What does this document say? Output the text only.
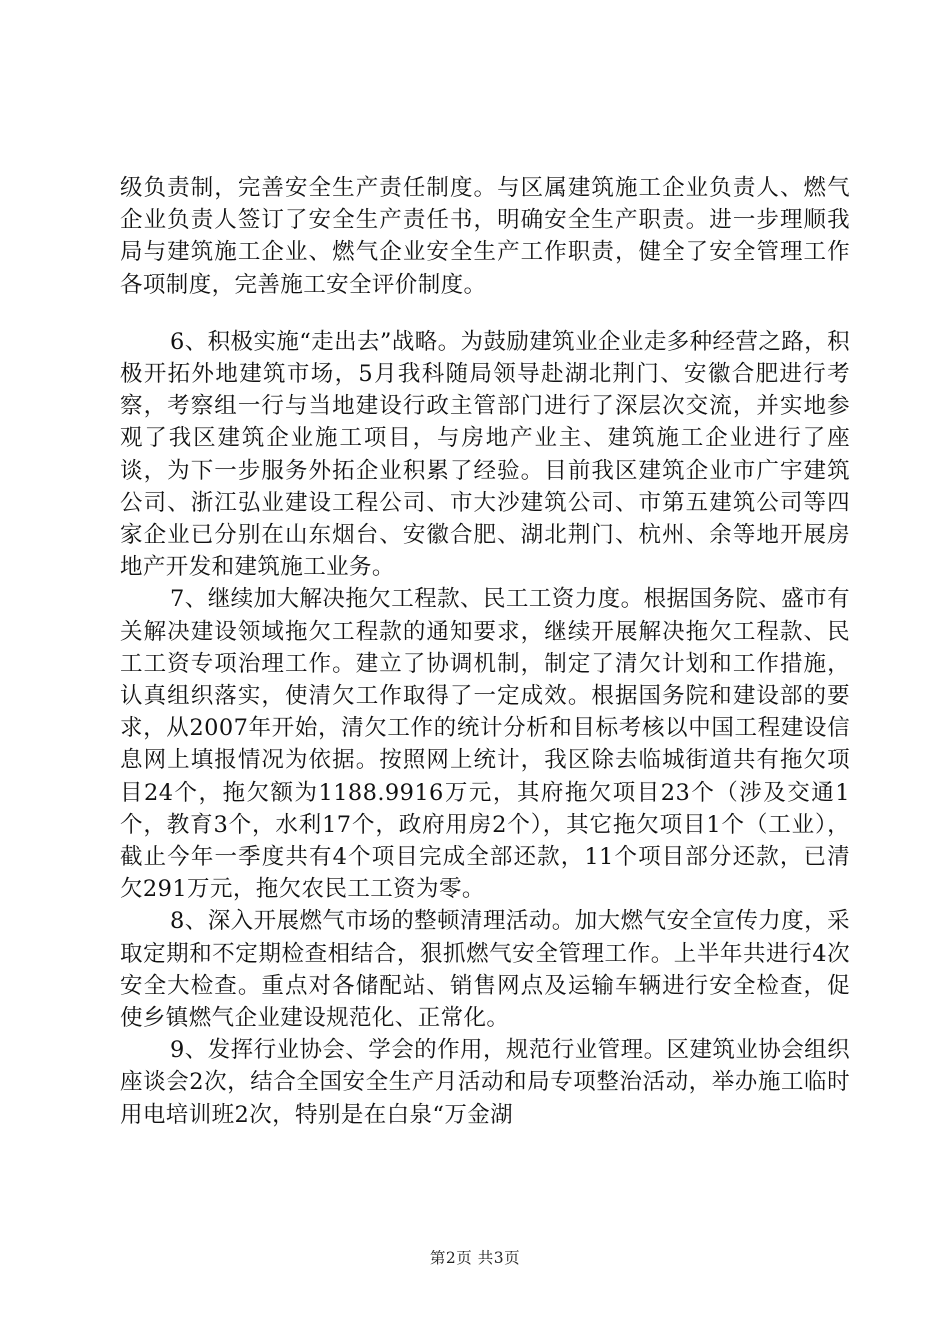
级负责制，完善安全生产责任制度。与区属建筑施工企业负责人、燃气企业负责人签订了安全生产责任书，明确安全生产职责。进一步理顺我局与建筑施工企业、燃气企业安全生产工作职责，健全了安全管理工作各项制度，完善施工安全评价制度。

6、积极实施“走出去”战略。为鼓励建筑业企业走多种经营之路，积极开拓外地建筑市场，5月我科随局领导赴湖北荆门、安徽合肥进行考察，考察组一行与当地建设行政主管部门进行了深层次交流，并实地参观了我区建筑企业施工项目，与房地产业主、建筑施工企业进行了座谈，为下一步服务外拓企业积累了经验。目前我区建筑企业市广宇建筑公司、浙江弘业建设工程公司、市大沙建筑公司、市第五建筑公司等四家企业已分别在山东烟台、安徽合肥、湖北荆门、杭州、余等地开展房地产开发和建筑施工业务。

7、继续加大解决拖欠工程款、民工工资力度。根据国务院、盛市有关解决建设领域拖欠工程款的通知要求，继续开展解决拖欠工程款、民工工资专项治理工作。建立了协调机制，制定了清欠计划和工作措施，认真组织落实，使清欠工作取得了一定成效。根据国务院和建设部的要求，从2007年开始，清欠工作的统计分析和目标考核以中国工程建设信息网上填报情况为依据。按照网上统计，我区除去临城街道共有拖欠项目24个，拖欠额为1188.9916万元，其府拖欠项目23个（涉及交通1个，教育3个，水利17个，政府用房2个），其它拖欠项目1个（工业），截止今年一季度共有4个项目完成全部还款，11个项目部分还款，已清欠291万元，拖欠农民工工资为零。

8、深入开展燃气市场的整顿清理活动。加大燃气安全宣传力度，采取定期和不定期检查相结合，狠抓燃气安全管理工作。上半年共进行4次安全大检查。重点对各储配站、销售网点及运输车辆进行安全检查，促使乡镇燃气企业建设规范化、正常化。

9、发挥行业协会、学会的作用，规范行业管理。区建筑业协会组织座谈会2次，结合全国安全生产月活动和局专项整治活动，举办施工临时用电培训班2次，特别是在白泉“万金湖

第2页 共3页
